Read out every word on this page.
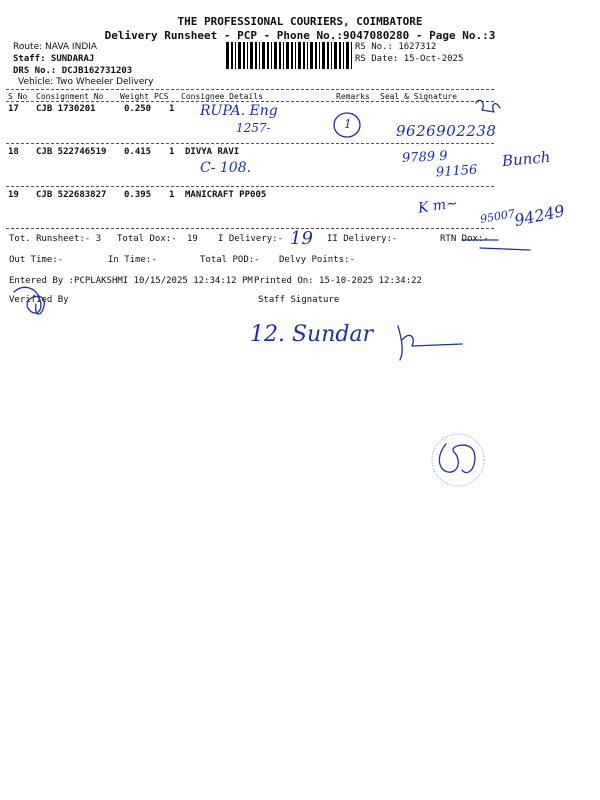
THE PROFESSIONAL COURIERS, COIMBATORE
Delivery Runsheet - PCP - Phone No.:9047080280 - Page No.:3
Route: NAVA INDIA
Staff: SUNDARAJ
DRS No.: DCJB162731203
Vehicle: Two Wheeler Delivery
RS No.: 1627312
RS Date: 15-Oct-2025
S No Consignment No Weight PCS Consignee Details	Remarks Seal & Signature
17 CJB 1730201	0.250 1
18 CJB 522746519 0.415 1 DIVYA RAVI
19 CJB 522683827 0.395 1 MANICRAFT PP005
Tot. Runsheet:- 3 Total Dox:- 19 I Delivery:-	II Delivery:-	RTN Dox:-
Out Time:-	In Time:-	Total POD:- Delvy Points:-
Entered By :PCPLAKSHMI 10/15/2025 12:34:12 PM Printed On: 15-10-2025 12:34:22
Verified By	Staff Signature
RUPA. Eng
1257-	1	9626902238
C- 108.
9789 9
91156
Bunch
K m~ 95007
94249
19
12. Sundar
